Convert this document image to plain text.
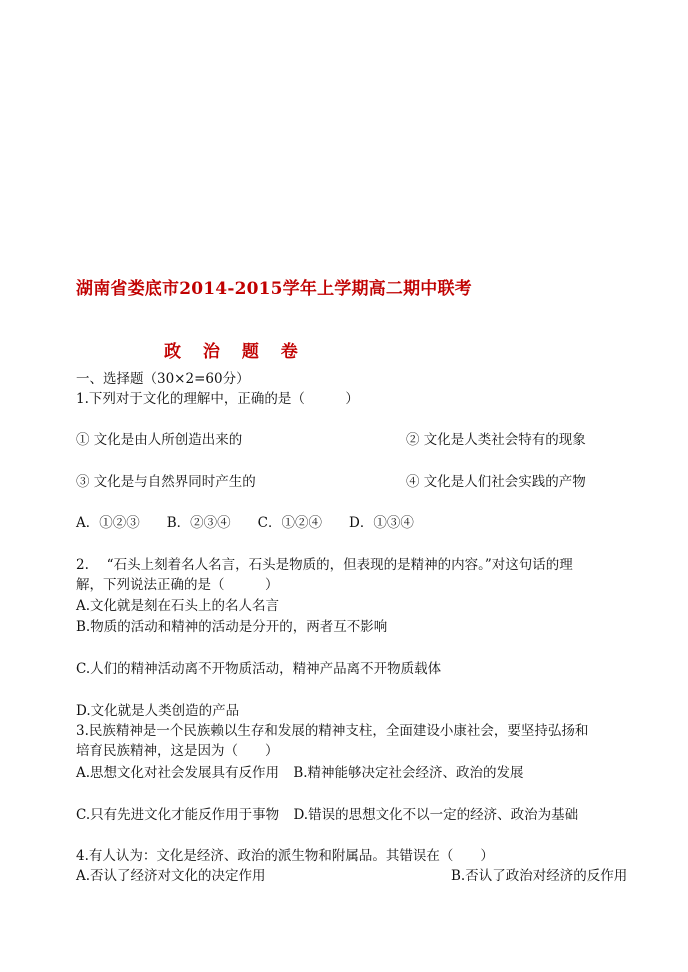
湖南省娄底市2014-2015学年上学期高二期中联考
政 治 题 卷
一、选择题（30×2=60分）
1.下列对于文化的理解中，正确的是（　　　）
① 文化是由人所创造出来的	② 文化是人类社会特有的现象
③ 文化是与自然界同时产生的	④ 文化是人们社会实践的产物
A．①②③　　B．②③④　　C．①②④　　D．①③④
2.　 “石头上刻着名人名言，石头是物质的，但表现的是精神的内容。”对这句话的理
解，下列说法正确的是（　　　）
A.文化就是刻在石头上的名人名言
B.物质的活动和精神的活动是分开的，两者互不影响
C.人们的精神活动离不开物质活动，精神产品离不开物质载体
D.文化就是人类创造的产品
3.民族精神是一个民族赖以生存和发展的精神支柱，全面建设小康社会，要坚持弘扬和
培育民族精神，这是因为（　　）
A.思想文化对社会发展具有反作用 B.精神能够决定社会经济、政治的发展
C.只有先进文化才能反作用于事物 D.错误的思想文化不以一定的经济、政治为基础
4.有人认为：文化是经济、政治的派生物和附属品。其错误在（　　）
A.否认了经济对文化的决定作用	B.否认了政治对经济的反作用
